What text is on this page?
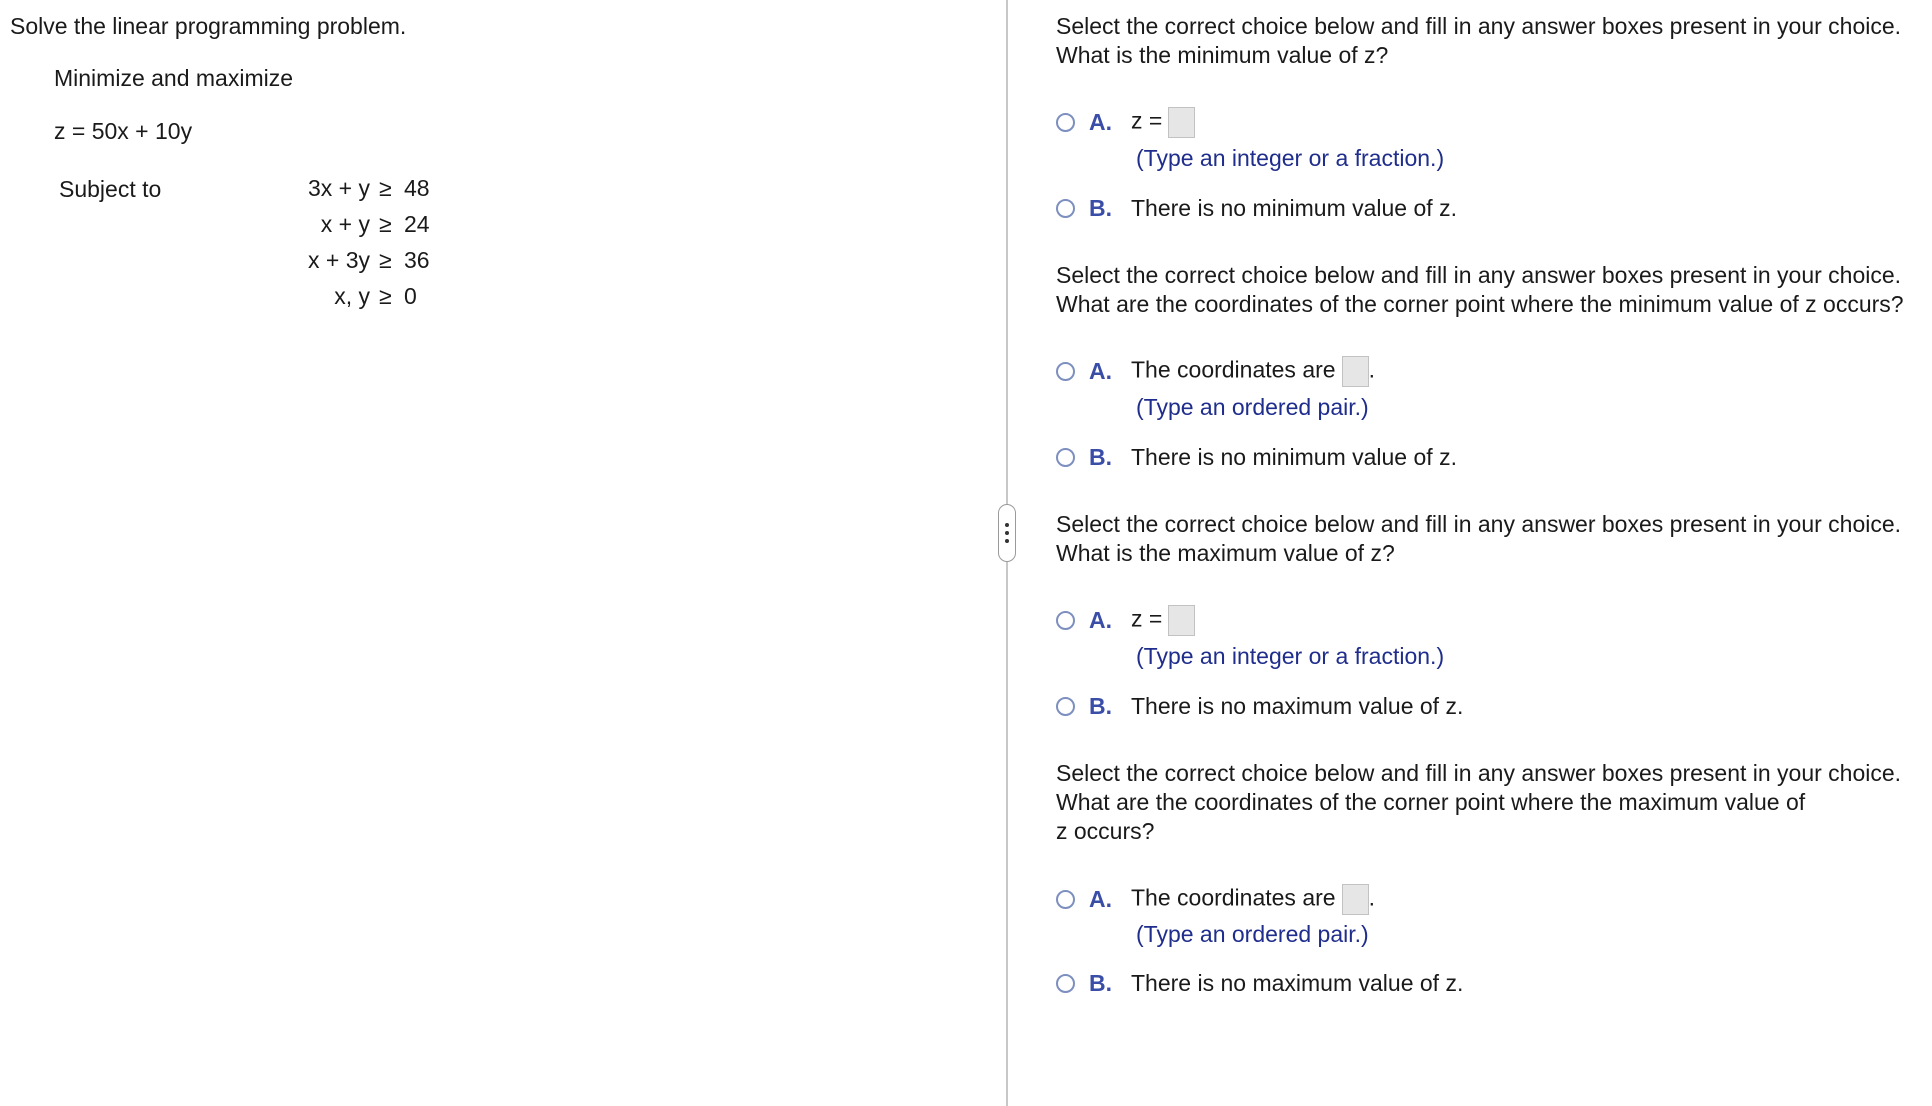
Solve the linear programming problem.
Minimize and maximize
z = 50x + 10y
Subject to	3x + y ≥ 48
x + y ≥ 24
x + 3y ≥ 36
x, y ≥ 0
Select the correct choice below and fill in any answer boxes present in your choice.
What is the minimum value of z?
A. z =
(Type an integer or a fraction.)
B. There is no minimum value of z.
Select the correct choice below and fill in any answer boxes present in your choice.
What are the coordinates of the corner point where the minimum value of z occurs?
A. The coordinates are .
(Type an ordered pair.)
B. There is no minimum value of z.
Select the correct choice below and fill in any answer boxes present in your choice.
What is the maximum value of z?
A. z =
(Type an integer or a fraction.)
B. There is no maximum value of z.
Select the correct choice below and fill in any answer boxes present in your choice.
What are the coordinates of the corner point where the maximum value of
z occurs?
A. The coordinates are .
(Type an ordered pair.)
B. There is no maximum value of z.
